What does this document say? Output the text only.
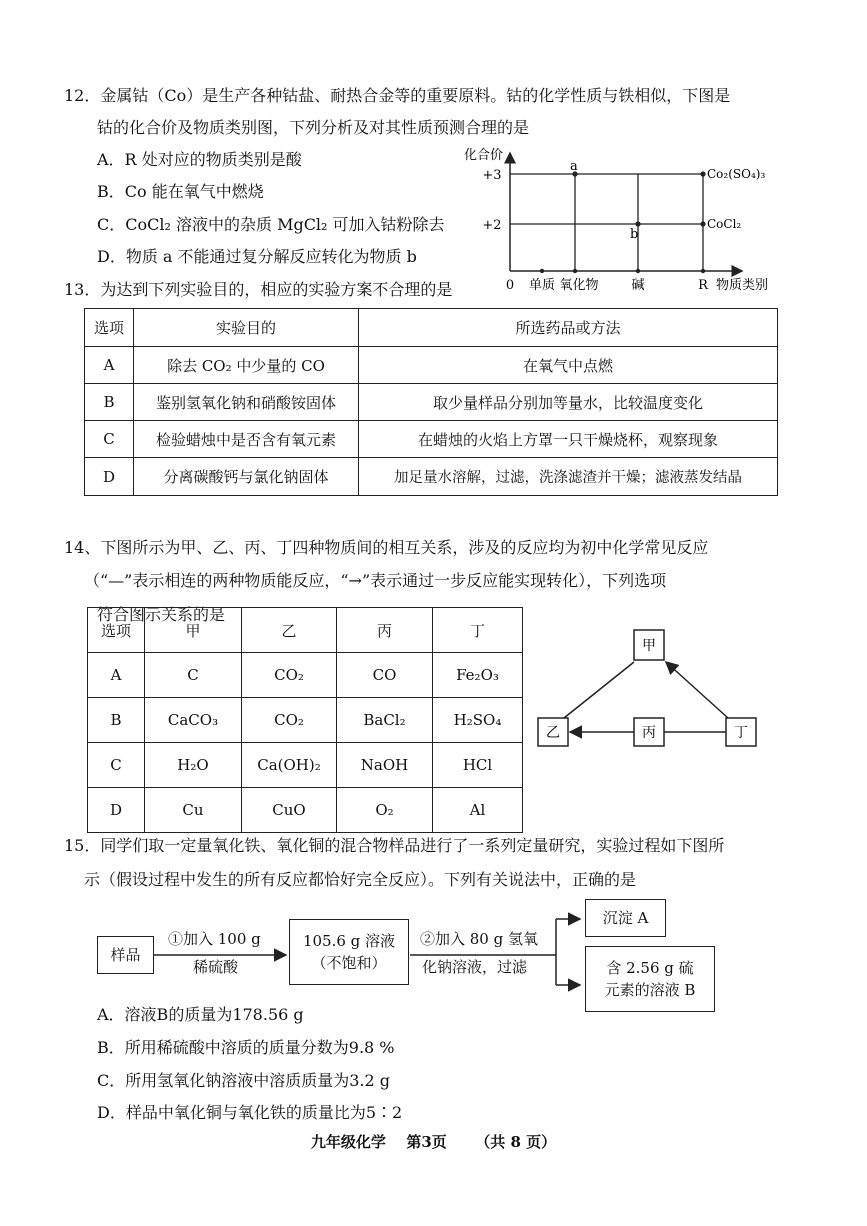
12．金属钴（Co）是生产各种钴盐、耐热合金等的重要原料。钴的化学性质与铁相似，下图是
钴的化合价及物质类别图，下列分析及对其性质预测合理的是
A．R 处对应的物质类别是酸
B．Co 能在氧气中燃烧
C．CoCl₂ 溶液中的杂质 MgCl₂ 可加入钴粉除去
D．物质 a 不能通过复分解反应转化为物质 b
化合价
+3
+2
a
b
Co₂(SO₄)₃
CoCl₂
0 单质 氧化物	碱	R 物质类别
13．为达到下列实验目的，相应的实验方案不合理的是
选项	实验目的	所选药品或方法
A	除去 CO₂ 中少量的 CO	在氧气中点燃
B	鉴别氢氧化钠和硝酸铵固体	取少量样品分别加等量水，比较温度变化
C	检验蜡烛中是否含有氧元素	在蜡烛的火焰上方罩一只干燥烧杯，观察现象
D	分离碳酸钙与氯化钠固体	加足量水溶解，过滤，洗涤滤渣并干燥；滤液蒸发结晶
14、下图所示为甲、乙、丙、丁四种物质间的相互关系，涉及的反应均为初中化学常见反应
（“—”表示相连的两种物质能反应，“→”表示通过一步反应能实现转化），下列选项
符合图示关系的是
选项	甲	乙	丙	丁
A	C	CO₂	CO	Fe₂O₃
B	CaCO₃	CO₂	BaCl₂	H₂SO₄
C	H₂O	Ca(OH)₂	NaOH	HCl
D	Cu	CuO	O₂	Al
甲
乙	丙	丁
15．同学们取一定量氧化铁、氧化铜的混合物样品进行了一系列定量研究，实验过程如下图所
示（假设过程中发生的所有反应都恰好完全反应）。下列有关说法中，正确的是
样品
①加入 100 g
稀硫酸
105.6 g 溶液
（不饱和）
②加入 80 g 氢氧
化钠溶液，过滤
沉淀 A
含 2.56 g 硫
元素的溶液 B
A．溶液B的质量为178.56 g
B．所用稀硫酸中溶质的质量分数为9.8 %
C．所用氢氧化钠溶液中溶质质量为3.2 g
D．样品中氧化铜与氧化铁的质量比为5∶2
九年级化学 第3页 （共 8 页）
